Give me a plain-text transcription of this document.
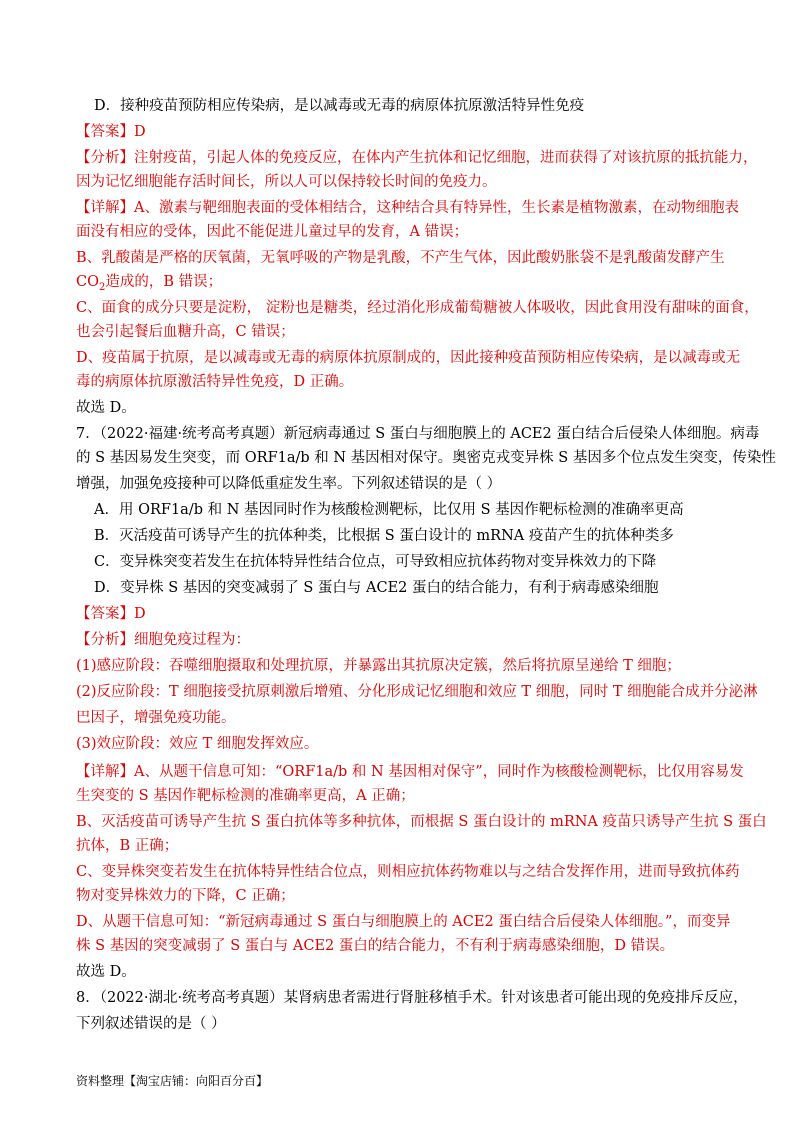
D．接种疫苗预防相应传染病，是以减毒或无毒的病原体抗原激活特异性免疫
【答案】D
【分析】注射疫苗，引起人体的免疫反应，在体内产生抗体和记忆细胞，进而获得了对该抗原的抵抗能力，
因为记忆细胞能存活时间长，所以人可以保持较长时间的免疫力。
【详解】A、激素与靶细胞表面的受体相结合，这种结合具有特异性，生长素是植物激素，在动物细胞表
面没有相应的受体，因此不能促进儿童过早的发育，A 错误；
B、乳酸菌是严格的厌氧菌，无氧呼吸的产物是乳酸，不产生气体，因此酸奶胀袋不是乳酸菌发酵产生
$CO_2$造成的，B 错误；
C、面食的成分只要是淀粉， 淀粉也是糖类，经过消化形成葡萄糖被人体吸收，因此食用没有甜味的面食，
也会引起餐后血糖升高，C 错误；
D、疫苗属于抗原，是以减毒或无毒的病原体抗原制成的，因此接种疫苗预防相应传染病，是以减毒或无
毒的病原体抗原激活特异性免疫，D 正确。
故选 D。
7．（2022·福建·统考高考真题）新冠病毒通过 S 蛋白与细胞膜上的 ACE2 蛋白结合后侵染人体细胞。病毒
的 S 基因易发生突变，而 ORF1a/b 和 N 基因相对保守。奥密克戎变异株 S 基因多个位点发生突变，传染性
增强，加强免疫接种可以降低重症发生率。下列叙述错误的是（ ）
A．用 ORF1a/b 和 N 基因同时作为核酸检测靶标，比仅用 S 基因作靶标检测的准确率更高
B．灭活疫苗可诱导产生的抗体种类，比根据 S 蛋白设计的 mRNA 疫苗产生的抗体种类多
C．变异株突变若发生在抗体特异性结合位点，可导致相应抗体药物对变异株效力的下降
D．变异株 S 基因的突变减弱了 S 蛋白与 ACE2 蛋白的结合能力，有利于病毒感染细胞
【答案】D
【分析】细胞免疫过程为：
(1)感应阶段：吞噬细胞摄取和处理抗原，并暴露出其抗原决定簇，然后将抗原呈递给 T 细胞；
(2)反应阶段：T 细胞接受抗原刺激后增殖、分化形成记忆细胞和效应 T 细胞，同时 T 细胞能合成并分泌淋
巴因子，增强免疫功能。
(3)效应阶段：效应 T 细胞发挥效应。
【详解】A、从题干信息可知：“ORF1a/b 和 N 基因相对保守”，同时作为核酸检测靶标，比仅用容易发
生突变的 S 基因作靶标检测的准确率更高，A 正确；
B、灭活疫苗可诱导产生抗 S 蛋白抗体等多种抗体，而根据 S 蛋白设计的 mRNA 疫苗只诱导产生抗 S 蛋白
抗体，B 正确；
C、变异株突变若发生在抗体特异性结合位点，则相应抗体药物难以与之结合发挥作用，进而导致抗体药
物对变异株效力的下降，C 正确；
D、从题干信息可知：“新冠病毒通过 S 蛋白与细胞膜上的 ACE2 蛋白结合后侵染人体细胞。”，而变异
株 S 基因的突变减弱了 S 蛋白与 ACE2 蛋白的结合能力，不有利于病毒感染细胞，D 错误。
故选 D。
8．（2022·湖北·统考高考真题）某肾病患者需进行肾脏移植手术。针对该患者可能出现的免疫排斥反应，
下列叙述错误的是（ ）
资料整理【淘宝店铺：向阳百分百】
